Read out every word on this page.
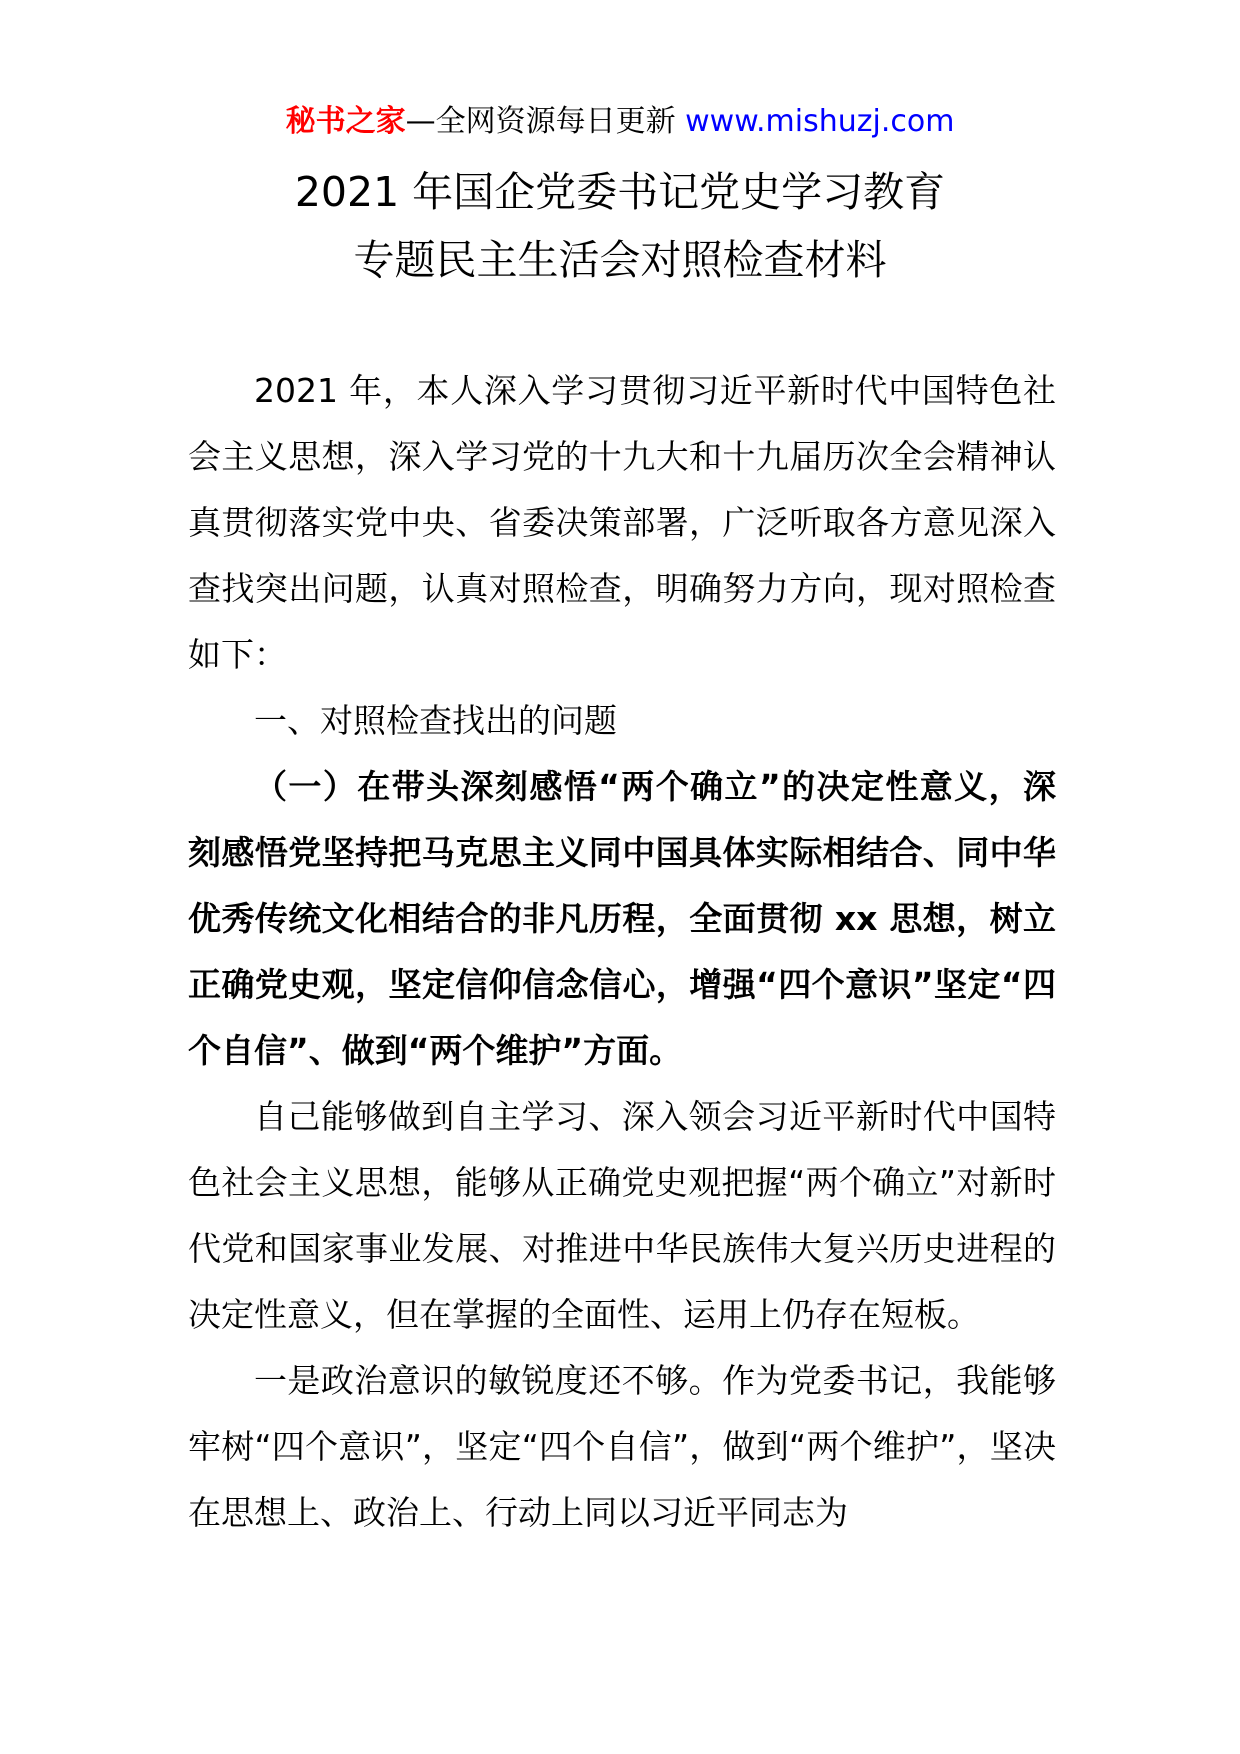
秘书之家—全网资源每日更新 www.mishuzj.com
2021 年国企党委书记党史学习教育
专题民主生活会对照检查材料

2021 年，本人深入学习贯彻习近平新时代中国特色社会主义思想，深入学习党的十九大和十九届历次全会精神认真贯彻落实党中央、省委决策部署，广泛听取各方意见深入查找突出问题，认真对照检查，明确努力方向，现对照检查如下：

一、对照检查找出的问题

（一）在带头深刻感悟“两个确立”的决定性意义，深刻感悟党坚持把马克思主义同中国具体实际相结合、同中华优秀传统文化相结合的非凡历程，全面贯彻 xx 思想，树立正确党史观，坚定信仰信念信心，增强“四个意识”坚定“四个自信”、做到“两个维护”方面。

自己能够做到自主学习、深入领会习近平新时代中国特色社会主义思想，能够从正确党史观把握“两个确立”对新时代党和国家事业发展、对推进中华民族伟大复兴历史进程的决定性意义，但在掌握的全面性、运用上仍存在短板。

一是政治意识的敏锐度还不够。作为党委书记，我能够牢树“四个意识”，坚定“四个自信”，做到“两个维护”，坚决在思想上、政治上、行动上同以习近平同志为
